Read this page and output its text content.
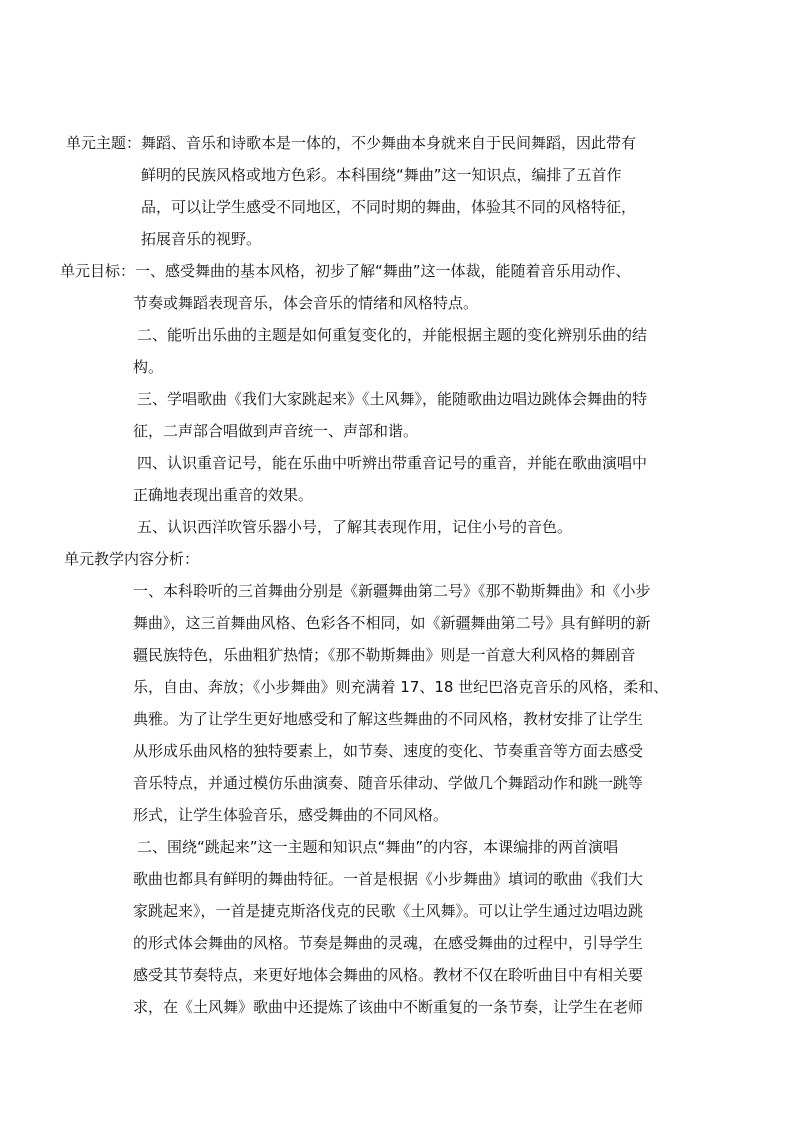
单元主题：舞蹈、音乐和诗歌本是一体的，不少舞曲本身就来自于民间舞蹈，因此带有

鲜明的民族风格或地方色彩。本科围绕“舞曲”这一知识点，编排了五首作

品，可以让学生感受不同地区，不同时期的舞曲，体验其不同的风格特征，

拓展音乐的视野。

单元目标：一、感受舞曲的基本风格，初步了解“舞曲”这一体裁，能随着音乐用动作、

节奏或舞蹈表现音乐，体会音乐的情绪和风格特点。

二、能听出乐曲的主题是如何重复变化的，并能根据主题的变化辨别乐曲的结

构。

三、学唱歌曲《我们大家跳起来》《土风舞》，能随歌曲边唱边跳体会舞曲的特

征，二声部合唱做到声音统一、声部和谐。

四、认识重音记号，能在乐曲中听辨出带重音记号的重音，并能在歌曲演唱中

正确地表现出重音的效果。

五、认识西洋吹管乐器小号，了解其表现作用，记住小号的音色。

单元教学内容分析：

一、本科聆听的三首舞曲分别是《新疆舞曲第二号》《那不勒斯舞曲》和《小步

舞曲》，这三首舞曲风格、色彩各不相同，如《新疆舞曲第二号》具有鲜明的新

疆民族特色，乐曲粗犷热情；《那不勒斯舞曲》则是一首意大利风格的舞剧音

乐，自由、奔放；《小步舞曲》则充满着 17、18 世纪巴洛克音乐的风格，柔和、

典雅。为了让学生更好地感受和了解这些舞曲的不同风格，教材安排了让学生

从形成乐曲风格的独特要素上，如节奏、速度的变化、节奏重音等方面去感受

音乐特点，并通过模仿乐曲演奏、随音乐律动、学做几个舞蹈动作和跳一跳等

形式，让学生体验音乐，感受舞曲的不同风格。

二、围绕“跳起来”这一主题和知识点“舞曲”的内容，本课编排的两首演唱

歌曲也都具有鲜明的舞曲特征。一首是根据《小步舞曲》填词的歌曲《我们大

家跳起来》，一首是捷克斯洛伐克的民歌《土风舞》。可以让学生通过边唱边跳

的形式体会舞曲的风格。节奏是舞曲的灵魂，在感受舞曲的过程中，引导学生

感受其节奏特点，来更好地体会舞曲的风格。教材不仅在聆听曲目中有相关要

求，在《土风舞》歌曲中还提炼了该曲中不断重复的一条节奏，让学生在老师
